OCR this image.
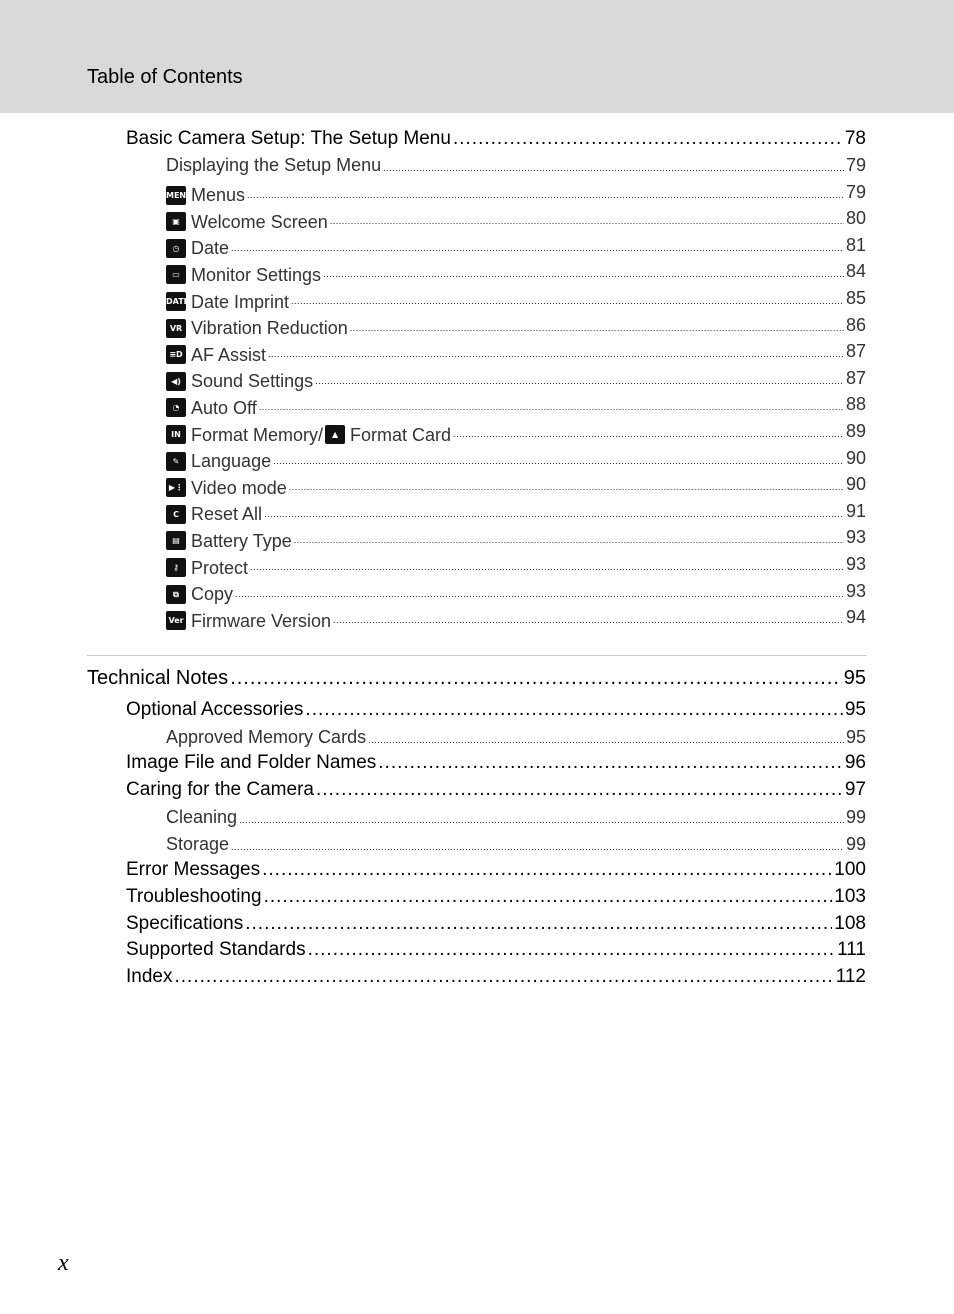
Table of Contents
Basic Camera Setup: The Setup Menu .....	78
Displaying the Setup Menu .....	79
MENU
Menus .....	79
▣ Welcome Screen .....	80
◷ Date .....	81
▭ Monitor Settings .....	84
DATE Date Imprint .....	85
VR Vibration Reduction .....	86
≡D AF Assist .....	87
◀) Sound Settings .....	87
◔ Auto Off .....	88
IN Format Memory/	▲ Format Card .....	89
✎ Language .....	90
▶⋮ Video mode .....	90
C Reset All .....	91
▤ Battery Type .....	93
⚷ Protect .....	93
⧉ Copy .....	93
Ver Firmware Version .....	94
Technical Notes .....	95
Optional Accessories .....	95
Approved Memory Cards .....	95
Image File and Folder Names .....	96
Caring for the Camera .....	97
Cleaning .....	99
Storage .....	99
Error Messages .....	100
Troubleshooting .....	103
Specifications .....	108
Supported Standards .....	111
Index .....	112
x
